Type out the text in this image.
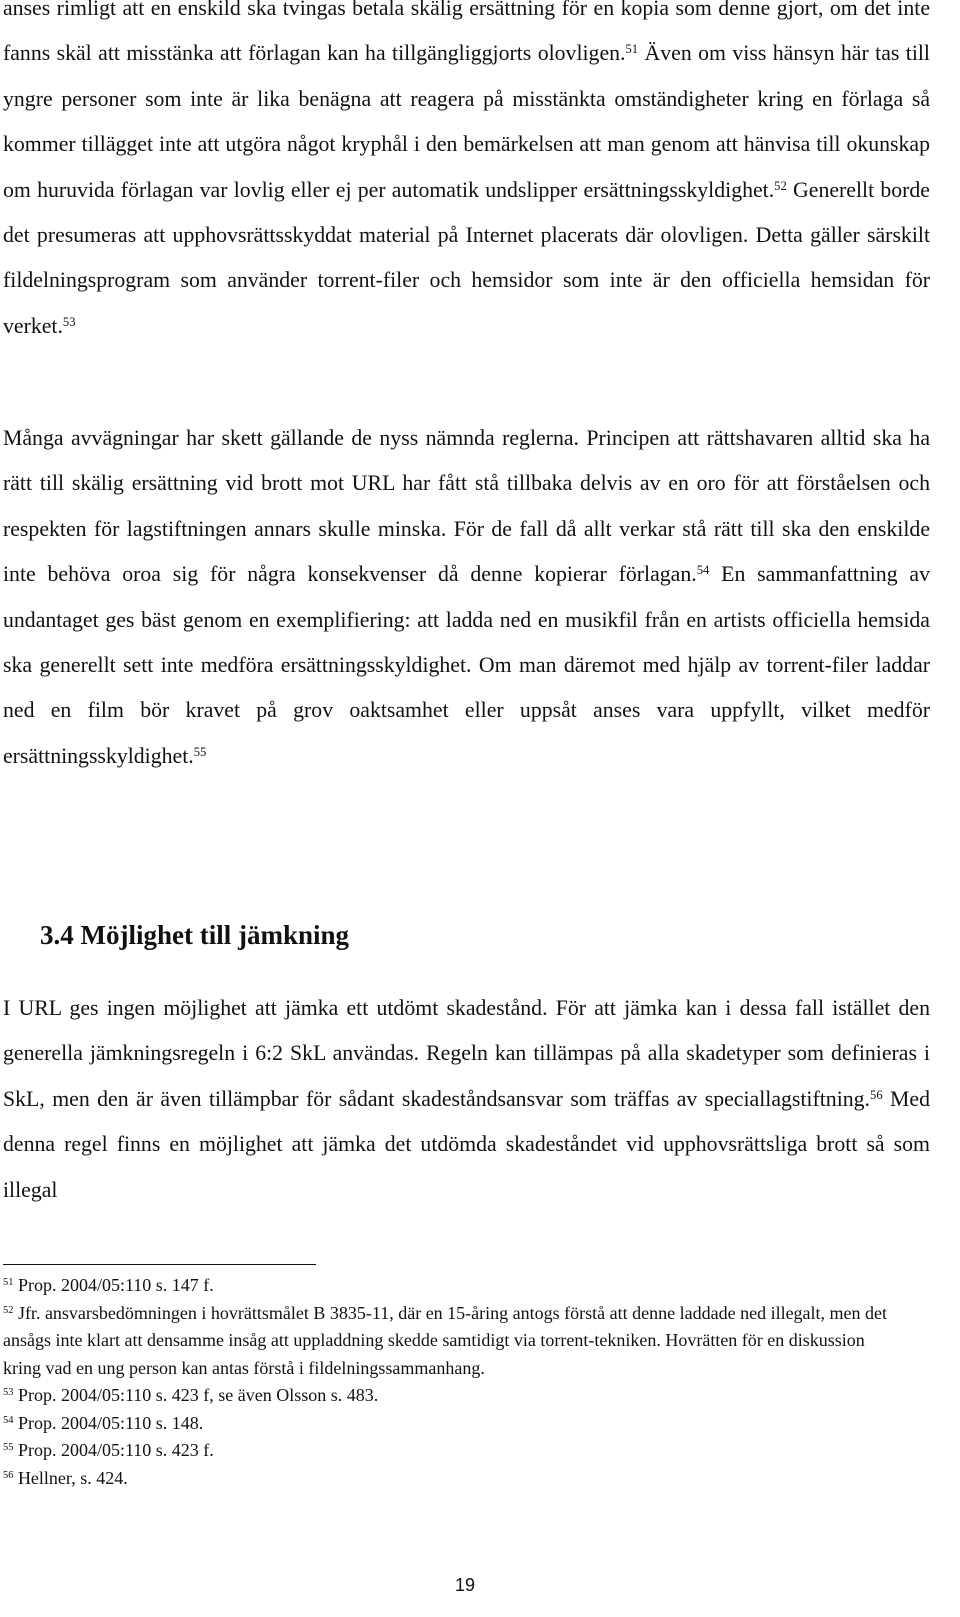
anses rimligt att en enskild ska tvingas betala skälig ersättning för en kopia som denne gjort, om det inte fanns skäl att misstänka att förlagan kan ha tillgängliggjorts olovligen.$^{51}$ Även om viss hänsyn här tas till yngre personer som inte är lika benägna att reagera på misstänkta omständigheter kring en förlaga så kommer tillägget inte att utgöra något kryphål i den bemärkelsen att man genom att hänvisa till okunskap om huruvida förlagan var lovlig eller ej per automatik undslipper ersättningsskyldighet.$^{52}$ Generellt borde det presumeras att upphovsrättsskyddat material på Internet placerats där olovligen. Detta gäller särskilt fildelningsprogram som använder torrent-filer och hemsidor som inte är den officiella hemsidan för verket.$^{53}$

Många avvägningar har skett gällande de nyss nämnda reglerna. Principen att rättshavaren alltid ska ha rätt till skälig ersättning vid brott mot URL har fått stå tillbaka delvis av en oro för att förståelsen och respekten för lagstiftningen annars skulle minska. För de fall då allt verkar stå rätt till ska den enskilde inte behöva oroa sig för några konsekvenser då denne kopierar förlagan.$^{54}$ En sammanfattning av undantaget ges bäst genom en exemplifiering: att ladda ned en musikfil från en artists officiella hemsida ska generellt sett inte medföra ersättningsskyldighet. Om man däremot med hjälp av torrent-filer laddar ned en film bör kravet på grov oaktsamhet eller uppsåt anses vara uppfyllt, vilket medför ersättningsskyldighet.$^{55}$

3.4 Möjlighet till jämkning

I URL ges ingen möjlighet att jämka ett utdömt skadestånd. För att jämka kan i dessa fall istället den generella jämkningsregeln i 6:2 SkL användas. Regeln kan tillämpas på alla skadetyper som definieras i SkL, men den är även tillämpbar för sådant skadeståndsansvar som träffas av speciallagstiftning.$^{56}$ Med denna regel finns en möjlighet att jämka det utdömda skadeståndet vid upphovsrättsliga brott så som illegal

$^{51}$ Prop. 2004/05:110 s. 147 f.

$^{52}$ Jfr. ansvarsbedömningen i hovrättsmålet B 3835-11, där en 15-åring antogs förstå att denne laddade ned illegalt, men det ansågs inte klart att densamme insåg att uppladdning skedde samtidigt via torrent-tekniken. Hovrätten för en diskussion kring vad en ung person kan antas förstå i fildelningssammanhang.

$^{53}$ Prop. 2004/05:110 s. 423 f, se även Olsson s. 483.

$^{54}$ Prop. 2004/05:110 s. 148.

$^{55}$ Prop. 2004/05:110 s. 423 f.

$^{56}$ Hellner, s. 424.

19
